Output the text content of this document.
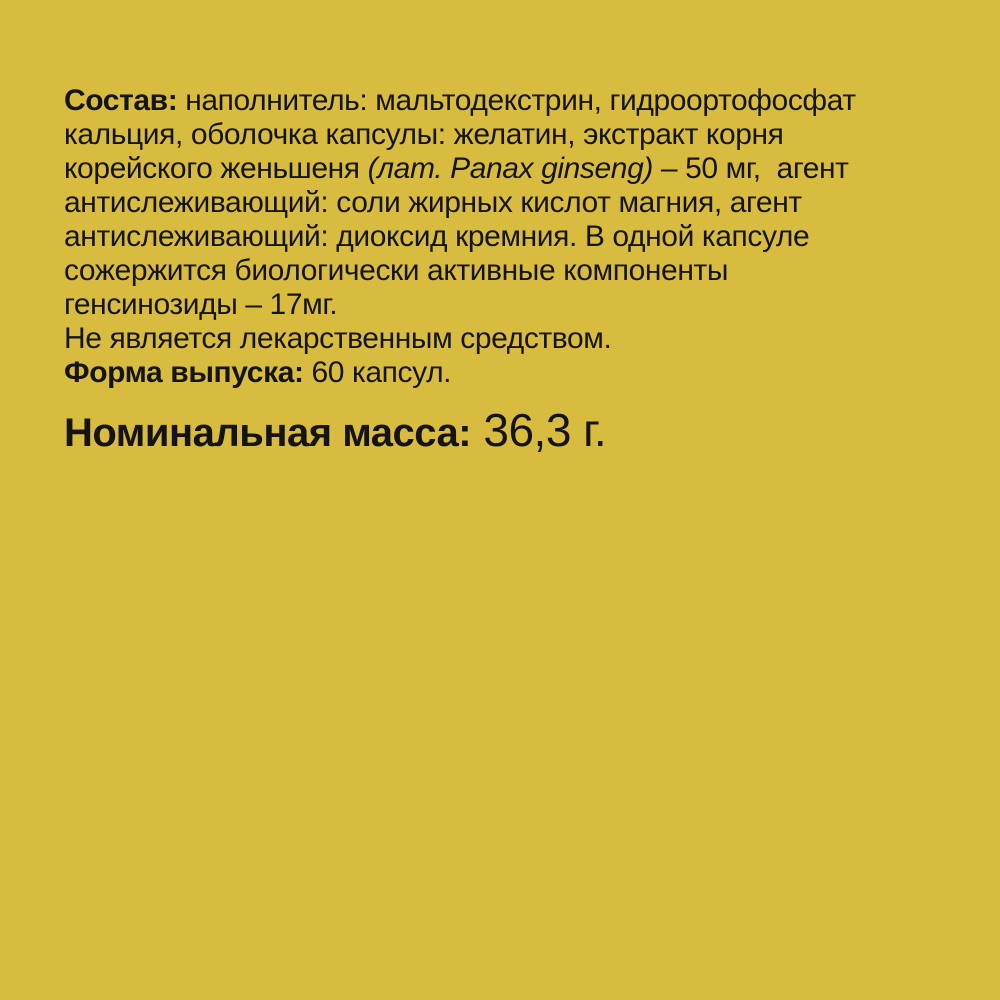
Состав: наполнитель: мальтодекстрин, гидроортофосфат
кальция, оболочка капсулы: желатин, экстракт корня
корейского женьшеня (лат. Panax ginseng) – 50 мг,  агент
антислеживающий: соли жирных кислот магния, агент
антислеживающий: диоксид кремния. В одной капсуле
сожержится биологически активные компоненты
генсинозиды – 17мг.
Не является лекарственным средством.
Форма выпуска: 60 капсул.
Номинальная масса: 36,3 г.
